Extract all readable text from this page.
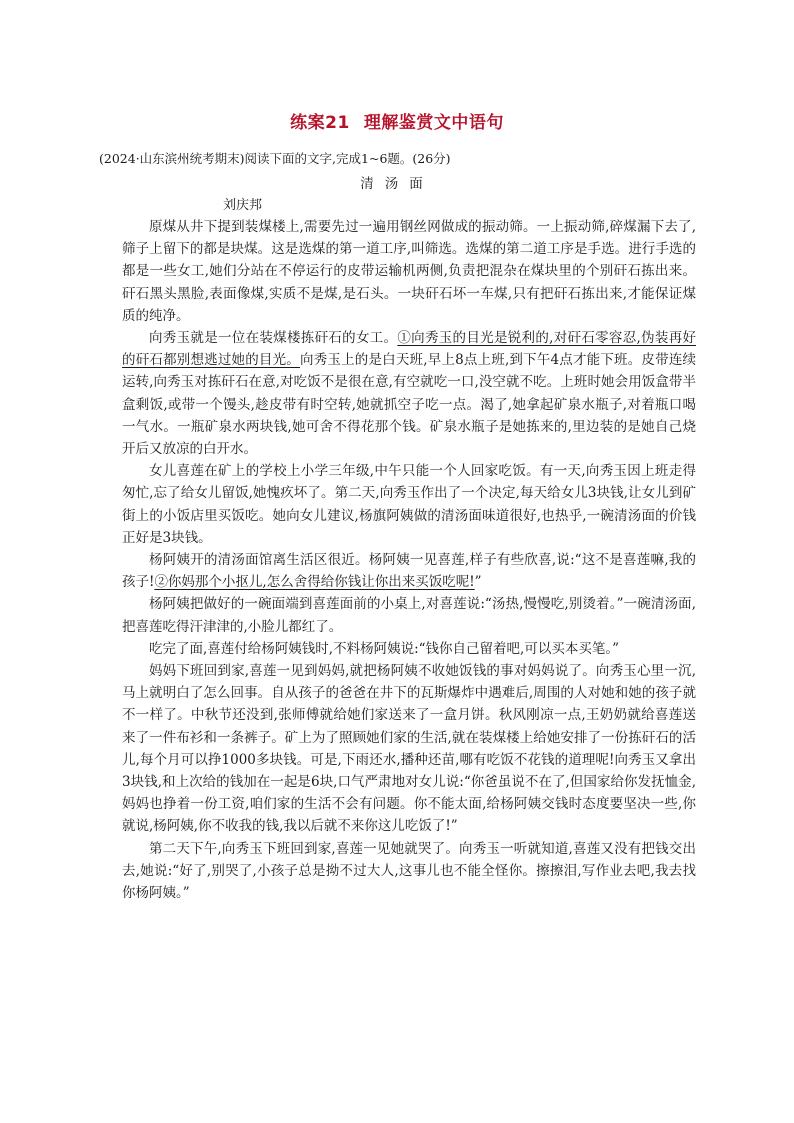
练案21 理解鉴赏文中语句
(2024·山东滨州统考期末)阅读下面的文字,完成1~6题。(26分)
清汤面
刘庆邦

原煤从井下提到装煤楼上,需要先过一遍用钢丝网做成的振动筛。一上振动筛,碎煤漏下去了,筛子上留下的都是块煤。这是选煤的第一道工序,叫筛选。选煤的第二道工序是手选。进行手选的都是一些女工,她们分站在不停运行的皮带运输机两侧,负责把混杂在煤块里的个别矸石拣出来。矸石黑头黑脸,表面像煤,实质不是煤,是石头。一块矸石坏一车煤,只有把矸石拣出来,才能保证煤质的纯净。

向秀玉就是一位在装煤楼拣矸石的女工。①向秀玉的目光是锐利的,对矸石零容忍,伪装再好的矸石都别想逃过她的目光。向秀玉上的是白天班,早上8点上班,到下午4点才能下班。皮带连续运转,向秀玉对拣矸石在意,对吃饭不是很在意,有空就吃一口,没空就不吃。上班时她会用饭盒带半盒剩饭,或带一个馒头,趁皮带有时空转,她就抓空子吃一点。渴了,她拿起矿泉水瓶子,对着瓶口喝一气水。一瓶矿泉水两块钱,她可舍不得花那个钱。矿泉水瓶子是她拣来的,里边装的是她自己烧开后又放凉的白开水。

女儿喜莲在矿上的学校上小学三年级,中午只能一个人回家吃饭。有一天,向秀玉因上班走得匆忙,忘了给女儿留饭,她愧疚坏了。第二天,向秀玉作出了一个决定,每天给女儿3块钱,让女儿到矿街上的小饭店里买饭吃。她向女儿建议,杨旗阿姨做的清汤面味道很好,也热乎,一碗清汤面的价钱正好是3块钱。

杨阿姨开的清汤面馆离生活区很近。杨阿姨一见喜莲,样子有些欣喜,说:“这不是喜莲嘛,我的孩子!②你妈那个小抠儿,怎么舍得给你钱让你出来买饭吃呢!”

杨阿姨把做好的一碗面端到喜莲面前的小桌上,对喜莲说:“汤热,慢慢吃,别烫着。”一碗清汤面,把喜莲吃得汗津津的,小脸儿都红了。

吃完了面,喜莲付给杨阿姨钱时,不料杨阿姨说:“钱你自己留着吧,可以买本买笔。”

妈妈下班回到家,喜莲一见到妈妈,就把杨阿姨不收她饭钱的事对妈妈说了。向秀玉心里一沉,马上就明白了怎么回事。自从孩子的爸爸在井下的瓦斯爆炸中遇难后,周围的人对她和她的孩子就不一样了。中秋节还没到,张师傅就给她们家送来了一盒月饼。秋风刚凉一点,王奶奶就给喜莲送来了一件布衫和一条裤子。矿上为了照顾她们家的生活,就在装煤楼上给她安排了一份拣矸石的活儿,每个月可以挣1000多块钱。可是,下雨还水,播种还苗,哪有吃饭不花钱的道理呢!向秀玉又拿出3块钱,和上次给的钱加在一起是6块,口气严肃地对女儿说:“你爸虽说不在了,但国家给你发抚恤金,妈妈也挣着一份工资,咱们家的生活不会有问题。你不能太面,给杨阿姨交钱时态度要坚决一些,你就说,杨阿姨,你不收我的钱,我以后就不来你这儿吃饭了!”

第二天下午,向秀玉下班回到家,喜莲一见她就哭了。向秀玉一听就知道,喜莲又没有把钱交出去,她说:“好了,别哭了,小孩子总是拗不过大人,这事儿也不能全怪你。擦擦泪,写作业去吧,我去找你杨阿姨。”
